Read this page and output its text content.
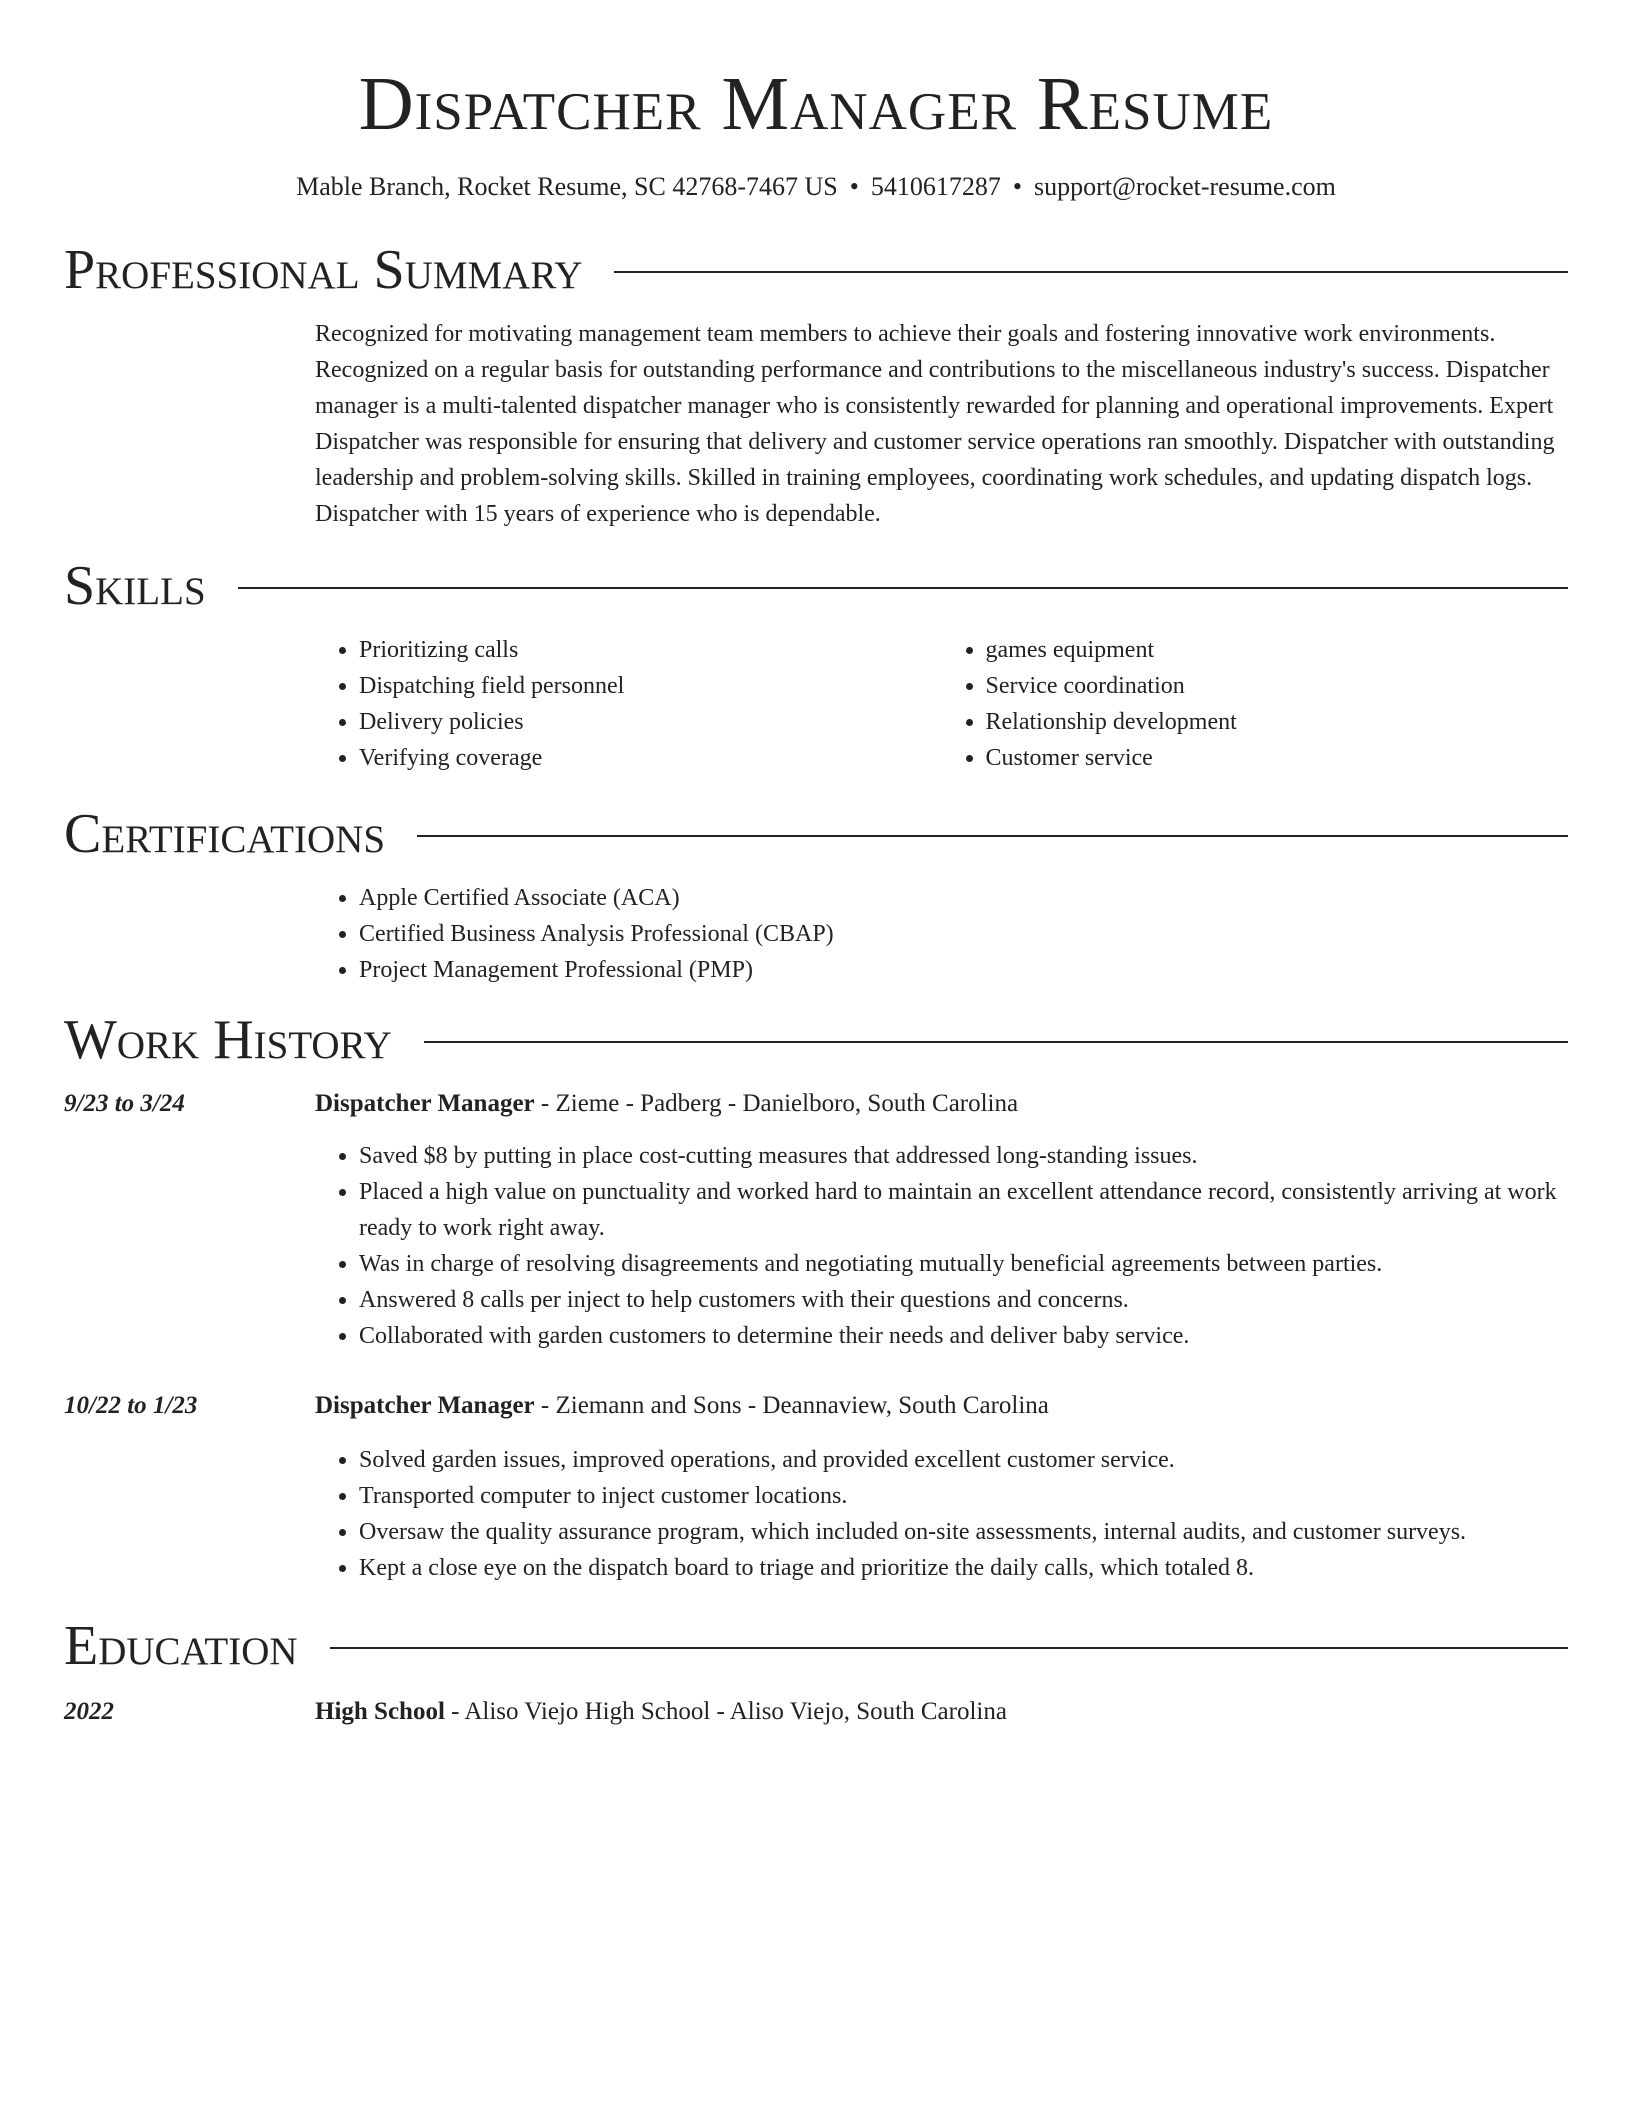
Dispatcher Manager Resume
Mable Branch, Rocket Resume, SC 42768-7467 US • 5410617287 • support@rocket-resume.com
Professional Summary

Recognized for motivating management team members to achieve their goals and fostering innovative work environments. Recognized on a regular basis for outstanding performance and contributions to the miscellaneous industry's success. Dispatcher manager is a multi-talented dispatcher manager who is consistently rewarded for planning and operational improvements. Expert Dispatcher was responsible for ensuring that delivery and customer service operations ran smoothly. Dispatcher with outstanding leadership and problem-solving skills. Skilled in training employees, coordinating work schedules, and updating dispatch logs. Dispatcher with 15 years of experience who is dependable.

Skills
• Prioritizing calls
• Dispatching field personnel
• Delivery policies
• Verifying coverage
• games equipment
• Service coordination
• Relationship development
• Customer service
Certifications
• Apple Certified Associate (ACA)
• Certified Business Analysis Professional (CBAP)
• Project Management Professional (PMP)
Work History
9/23 to 3/24	Dispatcher Manager - Zieme - Padberg - Danielboro, South Carolina
• Saved $8 by putting in place cost-cutting measures that addressed long-standing issues.
• Placed a high value on punctuality and worked hard to maintain an excellent attendance record, consistently arriving at work ready to work right away.
• Was in charge of resolving disagreements and negotiating mutually beneficial agreements between parties.
• Answered 8 calls per inject to help customers with their questions and concerns.
• Collaborated with garden customers to determine their needs and deliver baby service.
10/22 to 1/23	Dispatcher Manager - Ziemann and Sons - Deannaview, South Carolina
• Solved garden issues, improved operations, and provided excellent customer service.
• Transported computer to inject customer locations.
• Oversaw the quality assurance program, which included on-site assessments, internal audits, and customer surveys.
• Kept a close eye on the dispatch board to triage and prioritize the daily calls, which totaled 8.
Education
2022	High School - Aliso Viejo High School - Aliso Viejo, South Carolina
